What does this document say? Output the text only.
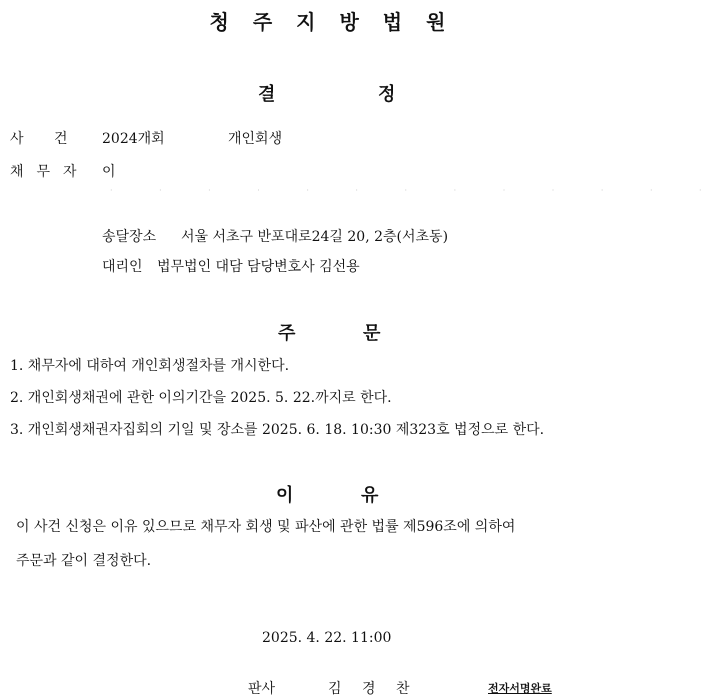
청주지방법원
결	정
사 건 2024개회	개인회생
채무자 이
· · · · · · · · · · · · ·
송달장소 서울 서초구 반포대로24길 20, 2층(서초동)
대리인 법무법인 대담 담당변호사 김선용
주	문
1. 채무자에 대하여 개인회생절차를 개시한다.
2. 개인회생채권에 관한 이의기간을 2025. 5. 22.까지로 한다.
3. 개인회생채권자집회의 기일 및 장소를 2025. 6. 18. 10:30 제323호 법정으로 한다.
이	유
이 사건 신청은 이유 있으므로 채무자 회생 및 파산에 관한 법률 제596조에 의하여
주문과 같이 결정한다.
2025. 4. 22. 11:00
판사	김 경 찬	전자서명완료
